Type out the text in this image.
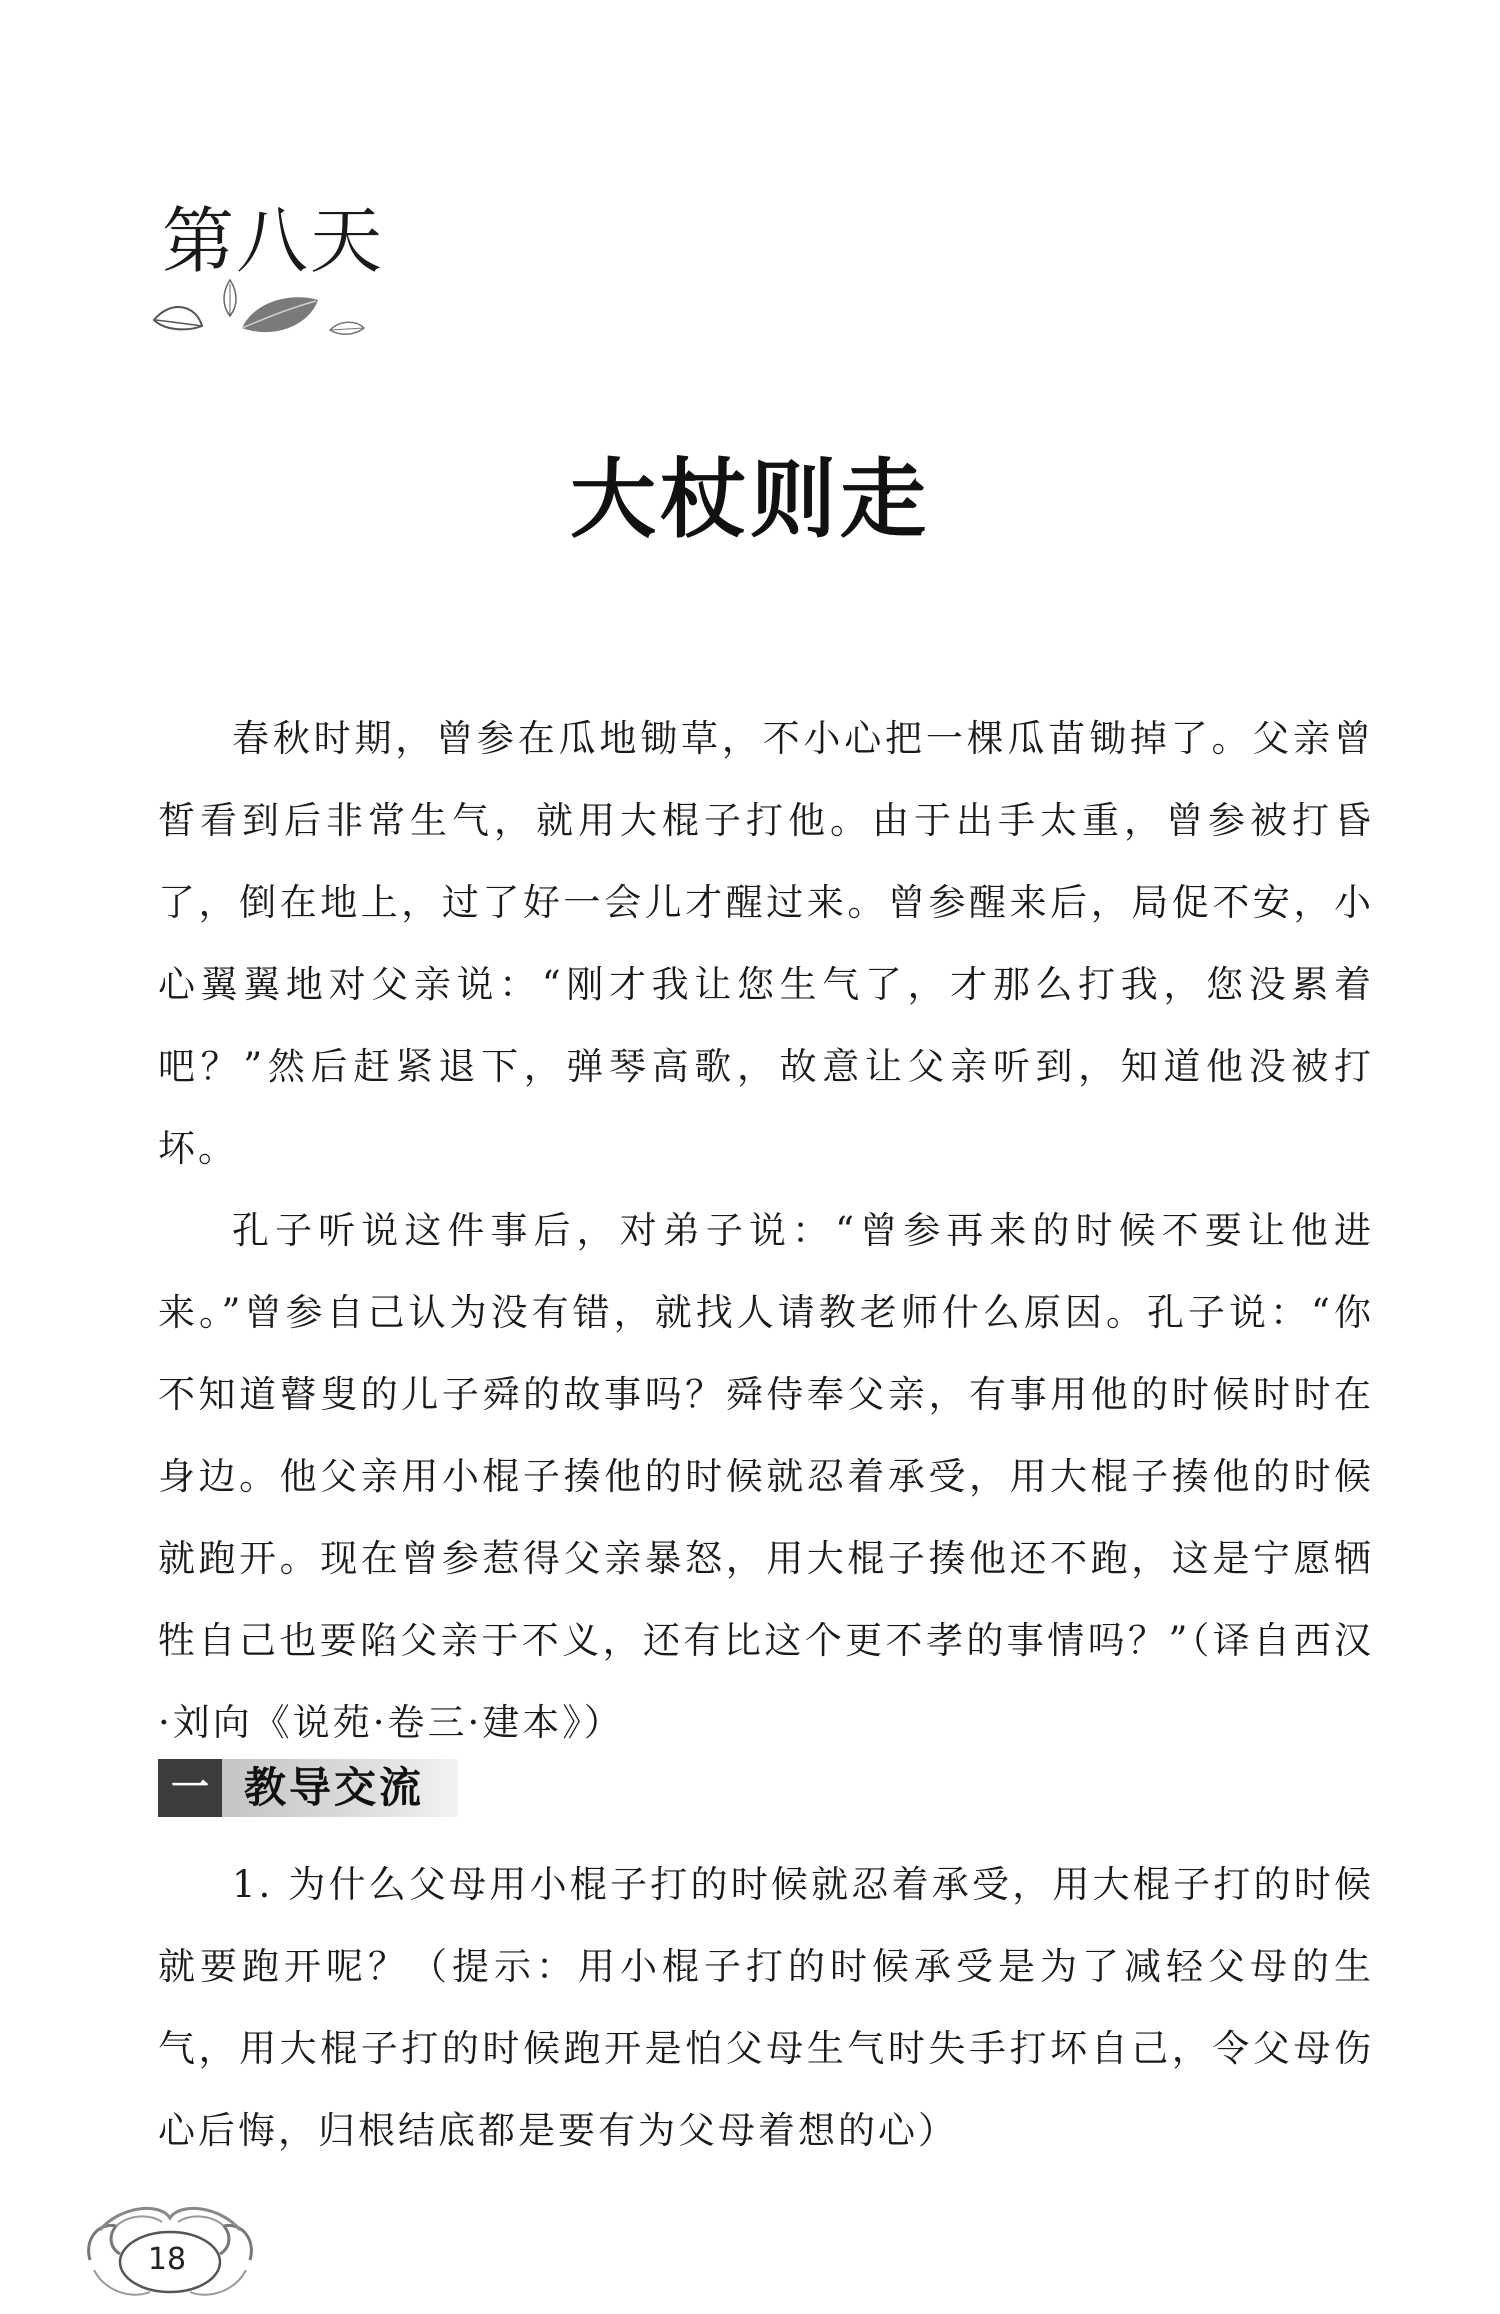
第八天
大杖则走

春秋时期，曾参在瓜地锄草，不小心把一棵瓜苗锄掉了。父亲曾皙看到后非常生气，就用大棍子打他。由于出手太重，曾参被打昏了，倒在地上，过了好一会儿才醒过来。曾参醒来后，局促不安，小心翼翼地对父亲说：“刚才我让您生气了，才那么打我，您没累着吧？”然后赶紧退下，弹琴高歌，故意让父亲听到，知道他没被打坏。

孔子听说这件事后，对弟子说：“曾参再来的时候不要让他进来。”曾参自己认为没有错，就找人请教老师什么原因。孔子说：“你不知道瞽叟的儿子舜的故事吗？舜侍奉父亲，有事用他的时候时时在身边。他父亲用小棍子揍他的时候就忍着承受，用大棍子揍他的时候就跑开。现在曾参惹得父亲暴怒，用大棍子揍他还不跑，这是宁愿牺牲自己也要陷父亲于不义，还有比这个更不孝的事情吗？”（译自西汉·刘向《说苑·卷三·建本》）

一 教导交流

1. 为什么父母用小棍子打的时候就忍着承受，用大棍子打的时候就要跑开呢？（提示：用小棍子打的时候承受是为了减轻父母的生气，用大棍子打的时候跑开是怕父母生气时失手打坏自己，令父母伤心后悔，归根结底都是要有为父母着想的心）

18
